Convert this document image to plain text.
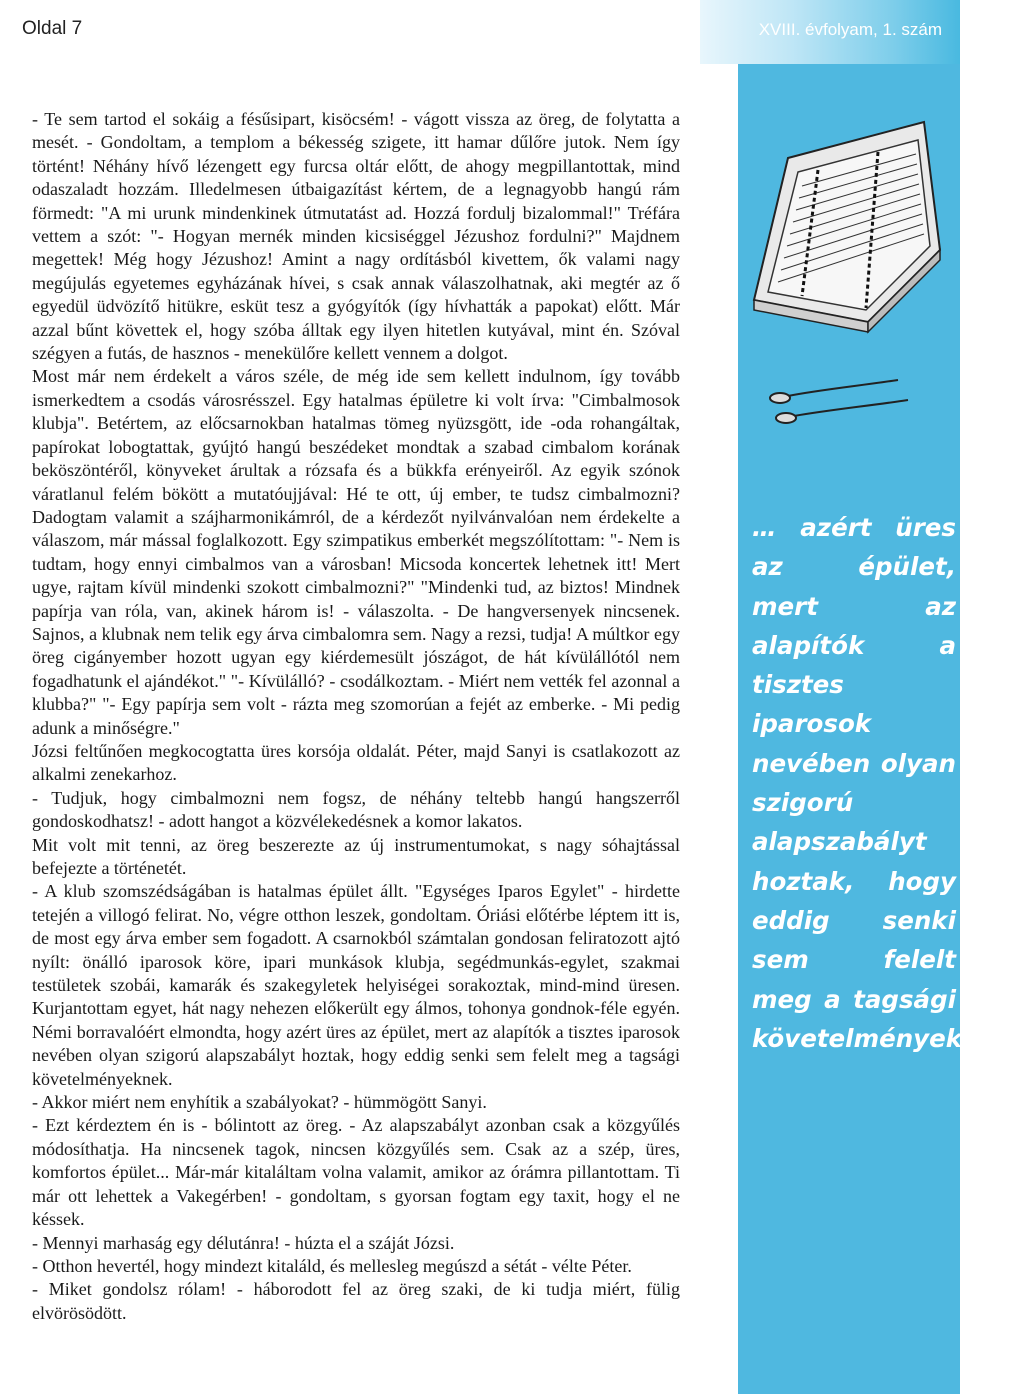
Oldal 7	XVIII. évfolyam, 1. szám
… azért üres az épület, mert az alapítók a tisztes iparosok nevében olyan szigorú alapszabályt hoztak, hogy eddig senki sem felelt meg a tagsági követelményeknek.

- Te sem tartod el sokáig a fésűsipart, kisöcsém! - vágott vissza az öreg, de folytatta a mesét. - Gondoltam, a templom a békesség szigete, itt hamar dűlőre jutok. Nem így történt! Néhány hívő lézengett egy furcsa oltár előtt, de ahogy megpillantottak, mind odaszaladt hozzám. Illedelmesen útbaigazítást kértem, de a legnagyobb hangú rám förmedt: "A mi urunk mindenkinek útmutatást ad. Hozzá fordulj bizalommal!" Tréfára vettem a szót: "- Hogyan mernék minden kicsiséggel Jézushoz fordulni?" Majdnem megettek! Még hogy Jézushoz! Amint a nagy ordításból kivettem, ők valami nagy megújulás egyetemes egyházának hívei, s csak annak válaszolhatnak, aki megtér az ő egyedül üdvözítő hitükre, esküt tesz a gyógyítók (így hívhatták a papokat) előtt. Már azzal bűnt követtek el, hogy szóba álltak egy ilyen hitetlen kutyával, mint én. Szóval szégyen a futás, de hasznos - menekülőre kellett vennem a dolgot.

Most már nem érdekelt a város széle, de még ide sem kellett indulnom, így tovább ismerkedtem a csodás városrésszel. Egy hatalmas épületre ki volt írva: "Cimbalmosok klubja". Betértem, az előcsarnokban hatalmas tömeg nyüzsgött, ide -oda rohangáltak, papírokat lobogtattak, gyújtó hangú beszédeket mondtak a szabad cimbalom korának beköszöntéről, könyveket árultak a rózsafa és a bükkfa erényeiről. Az egyik szónok váratlanul felém bökött a mutatóujjával: Hé te ott, új ember, te tudsz cimbalmozni? Dadogtam valamit a szájharmonikámról, de a kérdezőt nyilvánvalóan nem érdekelte a válaszom, már mással foglalkozott. Egy szimpatikus emberkét megszólítottam: "- Nem is tudtam, hogy ennyi cimbalmos van a városban! Micsoda koncertek lehetnek itt! Mert ugye, rajtam kívül mindenki szokott cimbalmozni?" "Mindenki tud, az biztos! Mindnek papírja van róla, van, akinek három is! - válaszolta. - De hangversenyek nincsenek. Sajnos, a klubnak nem telik egy árva cimbalomra sem. Nagy a rezsi, tudja! A múltkor egy öreg cigányember hozott ugyan egy kiérdemesült jószágot, de hát kívülállótól nem fogadhatunk el ajándékot." "- Kívülálló? - csodálkoztam. - Miért nem vették fel azonnal a klubba?" "- Egy papírja sem volt - rázta meg szomorúan a fejét az emberke. - Mi pedig adunk a minőségre."

Józsi feltűnően megkocogtatta üres korsója oldalát. Péter, majd Sanyi is csatlakozott az alkalmi zenekarhoz.

- Tudjuk, hogy cimbalmozni nem fogsz, de néhány teltebb hangú hangszerről gondoskodhatsz! - adott hangot a közvélekedésnek a komor lakatos.

Mit volt mit tenni, az öreg beszerezte az új instrumentumokat, s nagy sóhajtással befejezte a történetét.

- A klub szomszédságában is hatalmas épület állt. "Egységes Iparos Egylet" - hirdette tetején a villogó felirat. No, végre otthon leszek, gondoltam. Óriási előtérbe léptem itt is, de most egy árva ember sem fogadott. A csarnokból számtalan gondosan feliratozott ajtó nyílt: önálló iparosok köre, ipari munkások klubja, segédmunkás-egylet, szakmai testületek szobái, kamarák és szakegyletek helyiségei sorakoztak, mind-mind üresen. Kurjantottam egyet, hát nagy nehezen előkerült egy álmos, tohonya gondnok-féle egyén. Némi borravalóért elmondta, hogy azért üres az épület, mert az alapítók a tisztes iparosok nevében olyan szigorú alapszabályt hoztak, hogy eddig senki sem felelt meg a tagsági követelményeknek.

- Akkor miért nem enyhítik a szabályokat? - hümmögött Sanyi.

- Ezt kérdeztem én is - bólintott az öreg. - Az alapszabályt azonban csak a közgyűlés módosíthatja. Ha nincsenek tagok, nincsen közgyűlés sem. Csak az a szép, üres, komfortos épület... Már-már kitaláltam volna valamit, amikor az órámra pillantottam. Ti már ott lehettek a Vakegérben! - gondoltam, s gyorsan fogtam egy taxit, hogy el ne késsek.

- Mennyi marhaság egy délutánra! - húzta el a száját Józsi.

- Otthon hevertél, hogy mindezt kitaláld, és mellesleg megúszd a sétát - vélte Péter.

- Miket gondolsz rólam! - háborodott fel az öreg szaki, de ki tudja miért, fülig elvörösödött.
